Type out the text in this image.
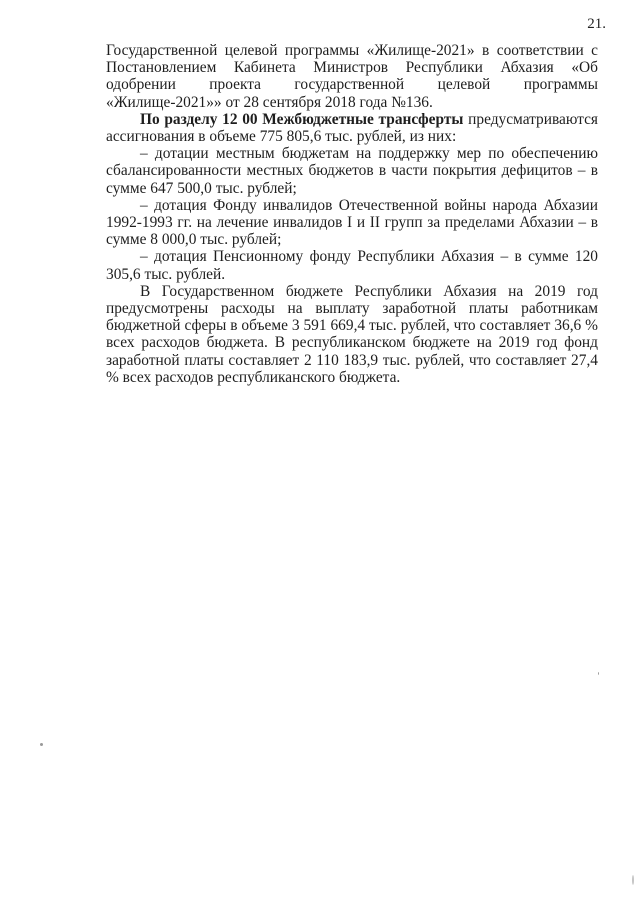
21.

Государственной целевой программы «Жилище-2021» в соответствии с Постановлением Кабинета Министров Республики Абхазия «Об одобрении проекта государственной целевой программы «Жилище-2021»» от 28 сентября 2018 года №136.

По разделу 12 00 Межбюджетные трансферты предусматриваются ассигнования в объеме 775 805,6 тыс. рублей, из них:

– дотации местным бюджетам на поддержку мер по обеспечению сбалансированности местных бюджетов в части покрытия дефицитов – в сумме 647 500,0 тыс. рублей;

– дотация Фонду инвалидов Отечественной войны народа Абхазии 1992-1993 гг. на лечение инвалидов I и II групп за пределами Абхазии – в сумме 8 000,0 тыс. рублей;

– дотация Пенсионному фонду Республики Абхазия – в сумме 120 305,6 тыс. рублей.

В Государственном бюджете Республики Абхазия на 2019 год предусмотрены расходы на выплату заработной платы работникам бюджетной сферы в объеме 3 591 669,4 тыс. рублей, что составляет 36,6 % всех расходов бюджета. В республиканском бюджете на 2019 год фонд заработной платы составляет 2 110 183,9 тыс. рублей, что составляет 27,4 % всех расходов республиканского бюджета.
